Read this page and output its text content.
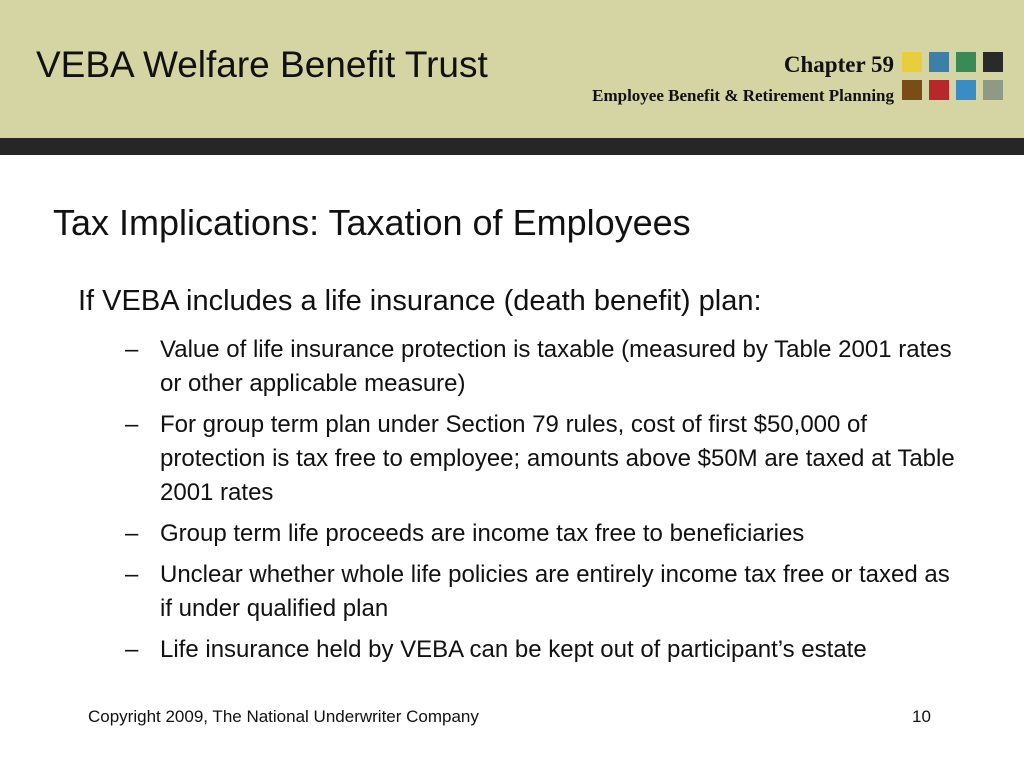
VEBA Welfare Benefit Trust	Chapter 59
Employee Benefit & Retirement Planning
Tax Implications: Taxation of Employees
If VEBA includes a life insurance (death benefit) plan:
– Value of life insurance protection is taxable (measured by Table 2001 rates or other applicable measure)
– For group term plan under Section 79 rules, cost of first $50,000 of protection is tax free to employee; amounts above $50M are taxed at Table 2001 rates
– Group term life proceeds are income tax free to beneficiaries
– Unclear whether whole life policies are entirely income tax free or taxed as if under qualified plan
– Life insurance held by VEBA can be kept out of participant’s estate
Copyright 2009, The National Underwriter Company	10
